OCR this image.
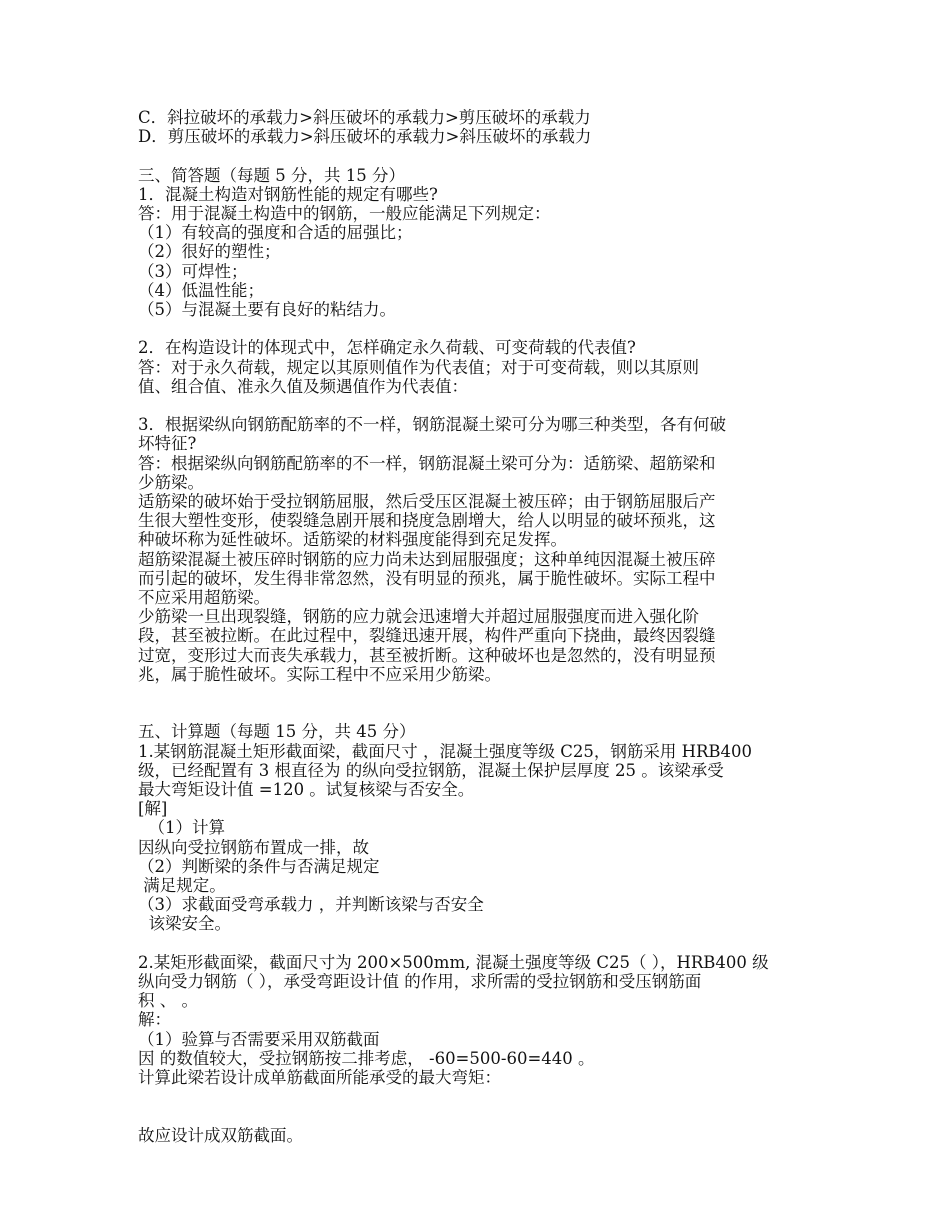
C．斜拉破坏的承载力>斜压破坏的承载力>剪压破坏的承载力
D．剪压破坏的承载力>斜压破坏的承载力>斜压破坏的承载力
三、简答题（每题 5 分，共 15 分）
1．混凝土构造对钢筋性能的规定有哪些?
答：用于混凝土构造中的钢筋，一般应能满足下列规定：
（1）有较高的强度和合适的屈强比；
（2）很好的塑性；
（3）可焊性；
（4）低温性能；
（5）与混凝土要有良好的粘结力。
2．在构造设计的体现式中，怎样确定永久荷载、可变荷载的代表值?
答：对于永久荷载，规定以其原则值作为代表值；对于可变荷载，则以其原则
值、组合值、准永久值及频遇值作为代表值：
3．根据梁纵向钢筋配筋率的不一样，钢筋混凝土梁可分为哪三种类型，各有何破
坏特征?
答：根据梁纵向钢筋配筋率的不一样，钢筋混凝土梁可分为：适筋梁、超筋梁和
少筋梁。
适筋梁的破坏始于受拉钢筋屈服，然后受压区混凝土被压碎；由于钢筋屈服后产
生很大塑性变形，使裂缝急剧开展和挠度急剧增大，给人以明显的破坏预兆，这
种破坏称为延性破坏。适筋梁的材料强度能得到充足发挥。
超筋梁混凝土被压碎时钢筋的应力尚未达到屈服强度；这种单纯因混凝土被压碎
而引起的破坏，发生得非常忽然，没有明显的预兆，属于脆性破坏。实际工程中
不应采用超筋梁。
少筋梁一旦出现裂缝，钢筋的应力就会迅速增大并超过屈服强度而进入强化阶
段，甚至被拉断。在此过程中，裂缝迅速开展，构件严重向下挠曲，最终因裂缝
过宽，变形过大而丧失承载力，甚至被折断。这种破坏也是忽然的，没有明显预
兆，属于脆性破坏。实际工程中不应采用少筋梁。
五、计算题（每题 15 分，共 45 分）
1.某钢筋混凝土矩形截面梁，截面尺寸 ，混凝土强度等级 C25，钢筋采用 HRB400
级，已经配置有 3 根直径为 的纵向受拉钢筋，混凝土保护层厚度 25 。该梁承受
最大弯矩设计值 =120 。试复核梁与否安全。
[解]
（1）计算
因纵向受拉钢筋布置成一排，故
（2）判断梁的条件与否满足规定
满足规定。
（3）求截面受弯承载力 ，并判断该梁与否安全
该梁安全。
2.某矩形截面梁，截面尺寸为 200×500mm, 混凝土强度等级 C25（ ），HRB400 级
纵向受力钢筋（ ），承受弯距设计值 的作用，求所需的受拉钢筋和受压钢筋面
积 、 。
解：
（1）验算与否需要采用双筋截面
因 的数值较大，受拉钢筋按二排考虑， -60=500-60=440 。
计算此梁若设计成单筋截面所能承受的最大弯矩：
故应设计成双筋截面。
